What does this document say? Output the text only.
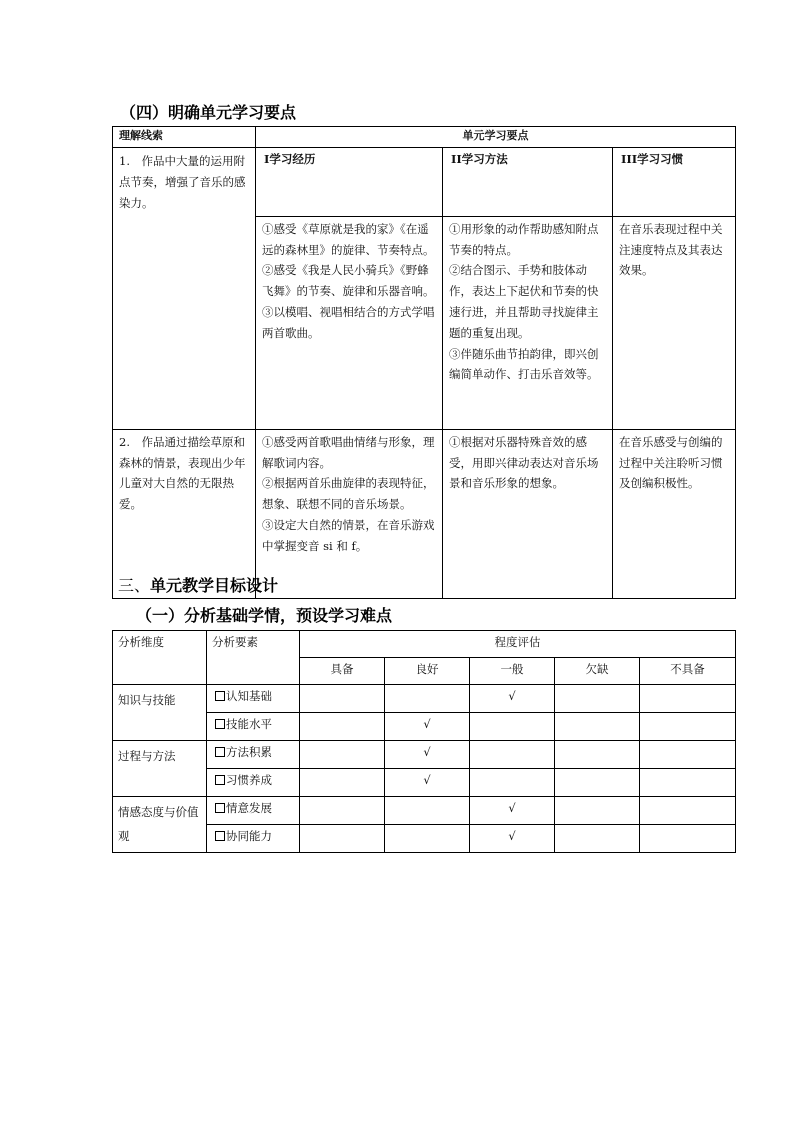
（四）明确单元学习要点
理解线索	单元学习要点		
1.　作品中大量的运用附点节奏，增强了音乐的感染力。	Ⅰ学习经历	ⅠⅠ学习方法	ⅠⅠⅠ学习习惯

	①感受《草原就是我的家》《在遥远的森林里》的旋律、节奏特点。
②感受《我是人民小骑兵》《野蜂飞舞》的节奏、旋律和乐器音响。
③以模唱、视唱相结合的方式学唱两首歌曲。	①用形象的动作帮助感知附点节奏的特点。
②结合图示、手势和肢体动作，表达上下起伏和节奏的快速行进，并且帮助寻找旋律主题的重复出现。
③伴随乐曲节拍韵律，即兴创编简单动作、打击乐音效等。	在音乐表现过程中关注速度特点及其表达效果。
2.　作品通过描绘草原和森林的情景，表现出少年儿童对大自然的无限热爱。	①感受两首歌唱曲情绪与形象，理解歌词内容。
②根据两首乐曲旋律的表现特征，想象、联想不同的音乐场景。
③设定大自然的情景，在音乐游戏中掌握变音 si 和 f。	①根据对乐器特殊音效的感受，用即兴律动表达对音乐场景和音乐形象的想象。	在音乐感受与创编的过程中关注聆听习惯及创编积极性。
三、单元教学目标设计
（一）分析基础学情，预设学习难点
分析维度	分析要素	程度评估				
		具备	良好	一般	欠缺	不具备
知识与技能	认知基础			√		
	技能水平		√			
过程与方法	方法积累		√			
	习惯养成		√			
情感态度与价值观	情意发展			√		
	协同能力			√		
